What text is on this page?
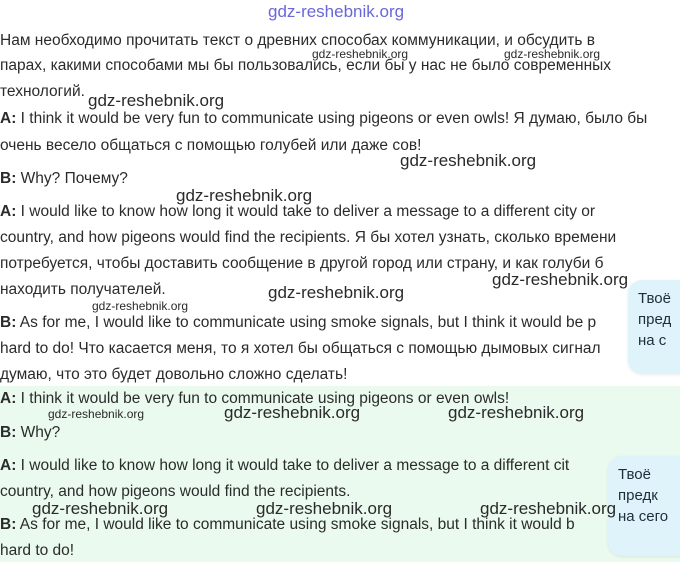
Нам необходимо прочитать текст о древних способах коммуникации, и обсудить в

парах, какими способами мы бы пользовались, если бы у нас не было современных

технологий.

A: I think it would be very fun to communicate using pigeons or even owls! Я думаю, было бы

очень весело общаться с помощью голубей или даже сов!

B: Why? Почему?

A: I would like to know how long it would take to deliver a message to a different city or

country, and how pigeons would find the recipients. Я бы хотел узнать, сколько времени

потребуется, чтобы доставить сообщение в другой город или страну, и как голуби б

находить получателей.

B: As for me, I would like to communicate using smoke signals, but I think it would be p

hard to do! Что касается меня, то я хотел бы общаться с помощью дымовых сигнал

думаю, что это будет довольно сложно сделать!

A: I think it would be very fun to communicate using pigeons or even owls!

B: Why?

A: I would like to know how long it would take to deliver a message to a different cit

country, and how pigeons would find the recipients.

B: As for me, I would like to communicate using smoke signals, but I think it would b

hard to do!

Твоё
пред
на с
Твоё
предк
на сего
gdz-reshebnik.org
gdz-reshebnik.org	gdz-reshebnik.org
gdz-reshebnik.org
gdz-reshebnik.org
gdz-reshebnik.org
gdz-reshebnik.org
gdz-reshebnik.org
gdz-reshebnik.org
gdz-reshebnik.org	gdz-reshebnik.org	gdz-reshebnik.org
gdz-reshebnik.org	gdz-reshebnik.org	gdz-reshebnik.org
